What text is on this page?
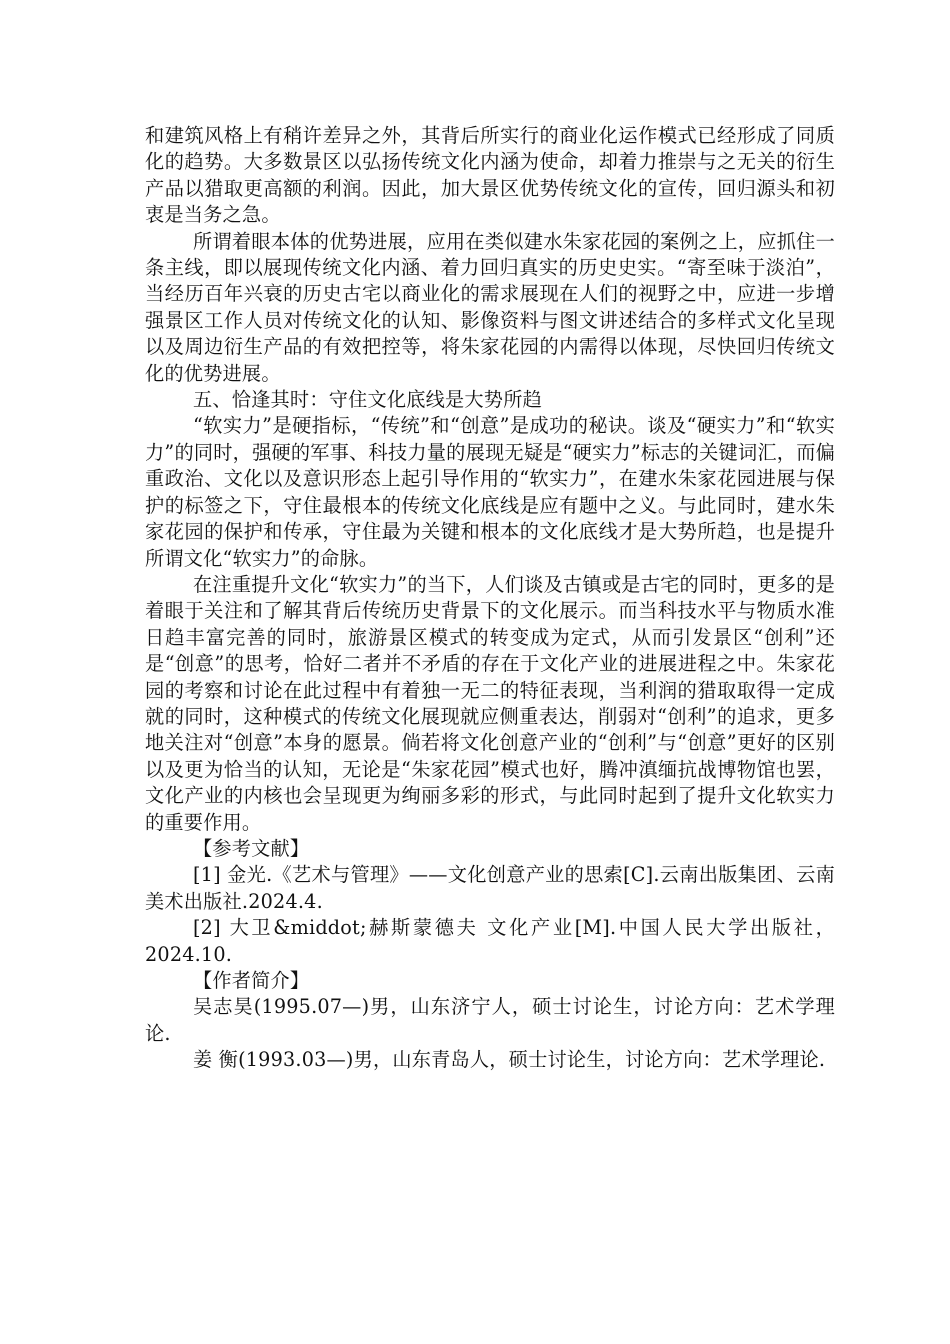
和建筑风格上有稍许差异之外，其背后所实行的商业化运作模式已经形成了同质化的趋势。大多数景区以弘扬传统文化内涵为使命，却着力推崇与之无关的衍生产品以猎取更高额的利润。因此，加大景区优势传统文化的宣传，回归源头和初衷是当务之急。

所谓着眼本体的优势进展，应用在类似建水朱家花园的案例之上，应抓住一条主线，即以展现传统文化内涵、着力回归真实的历史史实。“寄至味于淡泊”，当经历百年兴衰的历史古宅以商业化的需求展现在人们的视野之中，应进一步增强景区工作人员对传统文化的认知、影像资料与图文讲述结合的多样式文化呈现以及周边衍生产品的有效把控等，将朱家花园的内需得以体现，尽快回归传统文化的优势进展。

五、恰逢其时：守住文化底线是大势所趋

“软实力”是硬指标，“传统”和“创意”是成功的秘诀。谈及“硬实力”和“软实力”的同时，强硬的军事、科技力量的展现无疑是“硬实力”标志的关键词汇，而偏重政治、文化以及意识形态上起引导作用的“软实力”，在建水朱家花园进展与保护的标签之下，守住最根本的传统文化底线是应有题中之义。与此同时，建水朱家花园的保护和传承，守住最为关键和根本的文化底线才是大势所趋，也是提升所谓文化“软实力”的命脉。

在注重提升文化“软实力”的当下，人们谈及古镇或是古宅的同时，更多的是着眼于关注和了解其背后传统历史背景下的文化展示。而当科技水平与物质水准日趋丰富完善的同时，旅游景区模式的转变成为定式，从而引发景区“创利”还是“创意”的思考，恰好二者并不矛盾的存在于文化产业的进展进程之中。朱家花园的考察和讨论在此过程中有着独一无二的特征表现，当利润的猎取取得一定成就的同时，这种模式的传统文化展现就应侧重表达，削弱对“创利”的追求，更多地关注对“创意”本身的愿景。倘若将文化创意产业的“创利”与“创意”更好的区别以及更为恰当的认知，无论是“朱家花园”模式也好，腾冲滇缅抗战博物馆也罢，文化产业的内核也会呈现更为绚丽多彩的形式，与此同时起到了提升文化软实力的重要作用。

【参考文献】

[1] 金光.《艺术与管理》——文化创意产业的思索[C].云南出版集团、云南美术出版社.2024.4.

[2] 大卫&middot;赫斯蒙德夫 文化产业[M].中国人民大学出版社，2024.10.

【作者简介】

吴志昊(1995.07—)男，山东济宁人，硕士讨论生，讨论方向：艺术学理论.

姜 衡(1993.03—)男，山东青岛人，硕士讨论生，讨论方向：艺术学理论.
